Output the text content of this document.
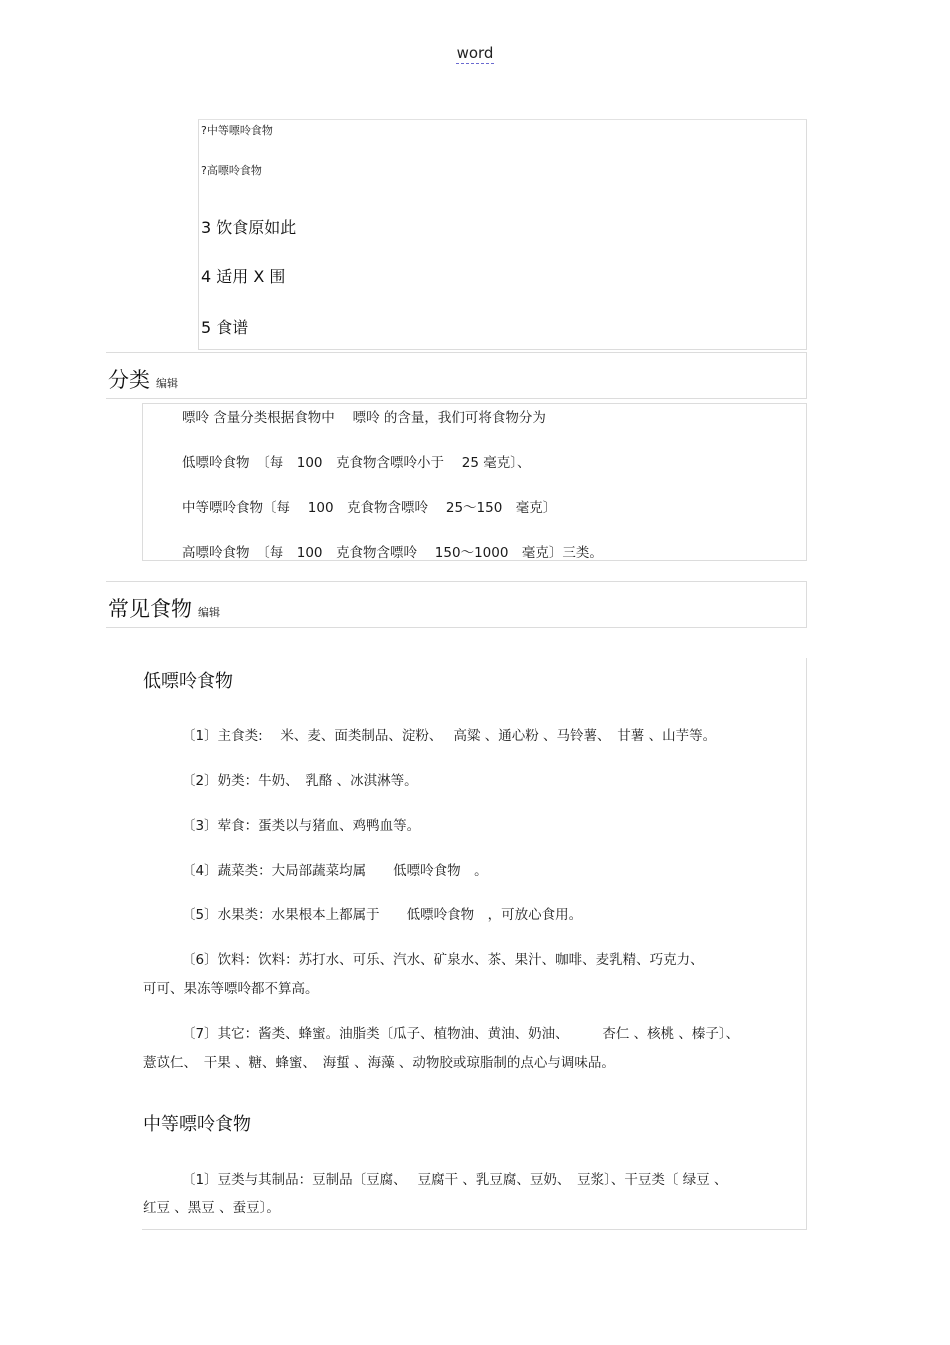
word
?中等嘌呤食物
?高嘌呤食物
3 饮食原如此
4 适用 X 围
5 食谱
分类 编辑
嘌呤 含量分类根据食物中　 嘌呤 的含量，我们可将食物分为
低嘌呤食物　〔每　100　克食物含嘌呤小于　 25 毫克〕、
中等嘌呤食物〔每　 100　克食物含嘌呤　 25～150　毫克〕
高嘌呤食物　〔每　100　克食物含嘌呤　 150～1000　毫克〕三类。
常见食物 编辑
低嘌呤食物
〔1〕主食类:　 米、麦、面类制品、淀粉、　 高粱 、通心粉 、马铃薯、　甘薯 、山芋等。
〔2〕奶类：牛奶、　乳酪 、冰淇淋等。
〔3〕荤食：蛋类以与猪血、鸡鸭血等。
〔4〕蔬菜类：大局部蔬菜均属　　低嘌呤食物　。
〔5〕水果类：水果根本上都属于　　低嘌呤食物　，可放心食用。
〔6〕饮料：饮料：苏打水、可乐、汽水、矿泉水、茶、果汁、咖啡、麦乳精、巧克力、
可可、果冻等嘌呤都不算高。
〔7〕其它：酱类、蜂蜜。油脂类〔瓜子、植物油、黄油、奶油、　　　杏仁 、核桃 、榛子〕、
薏苡仁、　干果 、糖、蜂蜜、　海蜇 、海藻 、动物胶或琼脂制的点心与调味品。
中等嘌呤食物
〔1〕豆类与其制品：豆制品〔豆腐、　 豆腐干 、乳豆腐、豆奶、　豆浆〕、干豆类〔 绿豆 、
红豆 、黑豆 、蚕豆〕。
